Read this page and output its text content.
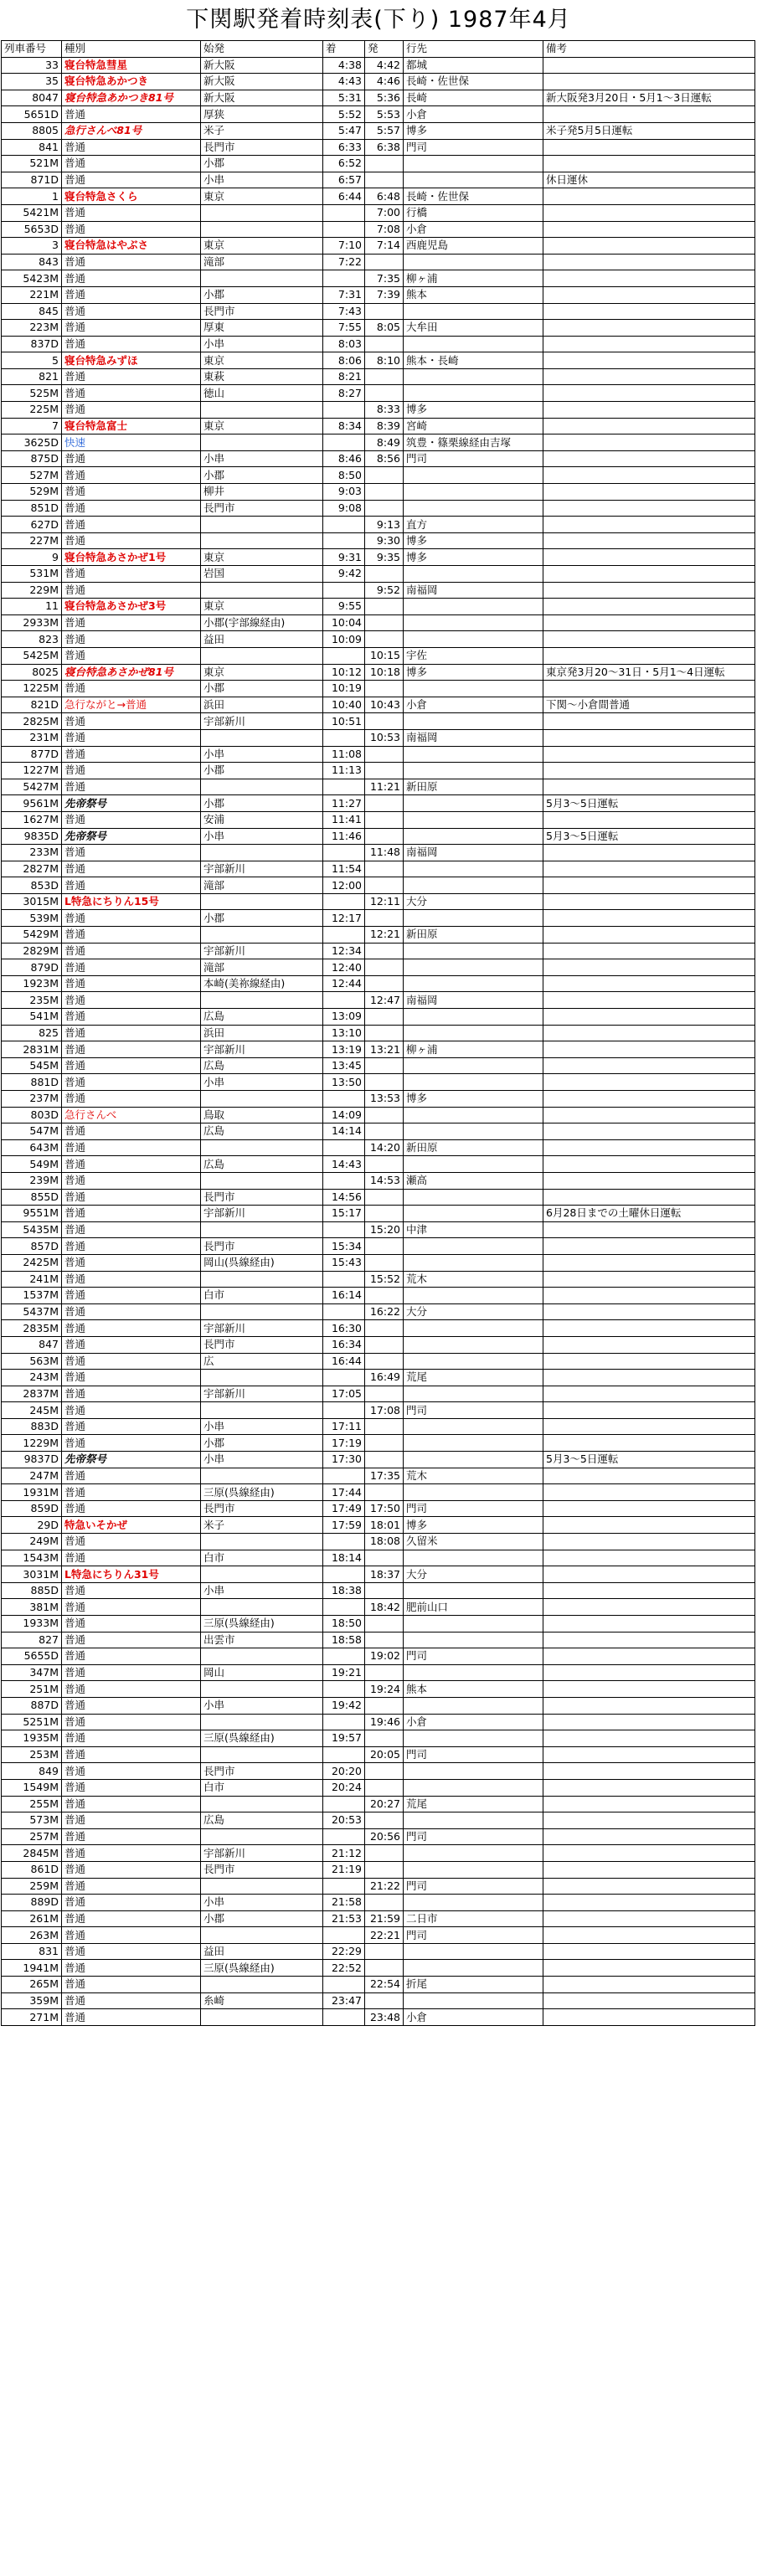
下関駅発着時刻表(下り) 1987年4月
列車番号	種別	始発	着	発	行先	備考
33	寝台特急彗星	新大阪	4:38	4:42	都城	
35	寝台特急あかつき	新大阪	4:43	4:46	長崎・佐世保	
8047	寝台特急あかつき81号	新大阪	5:31	5:36	長崎	新大阪発3月20日・5月1～3日運転
5651D	普通	厚狭	5:52	5:53	小倉	
8805	急行さんべ81号	米子	5:47	5:57	博多	米子発5月5日運転
841	普通	長門市	6:33	6:38	門司	
521M	普通	小郡	6:52			
871D	普通	小串	6:57			休日運休
1	寝台特急さくら	東京	6:44	6:48	長崎・佐世保	
5421M	普通			7:00	行橋	
5653D	普通			7:08	小倉	
3	寝台特急はやぶさ	東京	7:10	7:14	西鹿児島	
843	普通	滝部	7:22			
5423M	普通			7:35	柳ヶ浦	
221M	普通	小郡	7:31	7:39	熊本	
845	普通	長門市	7:43			
223M	普通	厚東	7:55	8:05	大牟田	
837D	普通	小串	8:03			
5	寝台特急みずほ	東京	8:06	8:10	熊本・長崎	
821	普通	東萩	8:21			
525M	普通	徳山	8:27			
225M	普通			8:33	博多	
7	寝台特急富士	東京	8:34	8:39	宮崎	
3625D	快速			8:49	筑豊・篠栗線経由吉塚	
875D	普通	小串	8:46	8:56	門司	
527M	普通	小郡	8:50			
529M	普通	柳井	9:03			
851D	普通	長門市	9:08			
627D	普通			9:13	直方	
227M	普通			9:30	博多	
9	寝台特急あさかぜ1号	東京	9:31	9:35	博多	
531M	普通	岩国	9:42			
229M	普通			9:52	南福岡	
11	寝台特急あさかぜ3号	東京	9:55			
2933M	普通	小郡(宇部線経由)	10:04			
823	普通	益田	10:09			
5425M	普通			10:15	宇佐	
8025	寝台特急あさかぜ81号	東京	10:12	10:18	博多	東京発3月20～31日・5月1～4日運転
1225M	普通	小郡	10:19			
821D	急行ながと→普通	浜田	10:40	10:43	小倉	下関～小倉間普通
2825M	普通	宇部新川	10:51			
231M	普通			10:53	南福岡	
877D	普通	小串	11:08			
1227M	普通	小郡	11:13			
5427M	普通			11:21	新田原	
9561M	先帝祭号	小郡	11:27			5月3～5日運転
1627M	普通	安浦	11:41			
9835D	先帝祭号	小串	11:46			5月3～5日運転
233M	普通			11:48	南福岡	
2827M	普通	宇部新川	11:54			
853D	普通	滝部	12:00			
3015M	L特急にちりん15号			12:11	大分	
539M	普通	小郡	12:17			
5429M	普通			12:21	新田原	
2829M	普通	宇部新川	12:34			
879D	普通	滝部	12:40			
1923M	普通	本崎(美祢線経由)	12:44			
235M	普通			12:47	南福岡	
541M	普通	広島	13:09			
825	普通	浜田	13:10			
2831M	普通	宇部新川	13:19	13:21	柳ヶ浦	
545M	普通	広島	13:45			
881D	普通	小串	13:50			
237M	普通			13:53	博多	
803D	急行さんべ	鳥取	14:09			
547M	普通	広島	14:14			
643M	普通			14:20	新田原	
549M	普通	広島	14:43			
239M	普通			14:53	瀬高	
855D	普通	長門市	14:56			
9551M	普通	宇部新川	15:17			6月28日までの土曜休日運転
5435M	普通			15:20	中津	
857D	普通	長門市	15:34			
2425M	普通	岡山(呉線経由)	15:43			
241M	普通			15:52	荒木	
1537M	普通	白市	16:14			
5437M	普通			16:22	大分	
2835M	普通	宇部新川	16:30			
847	普通	長門市	16:34			
563M	普通	広	16:44			
243M	普通			16:49	荒尾	
2837M	普通	宇部新川	17:05			
245M	普通			17:08	門司	
883D	普通	小串	17:11			
1229M	普通	小郡	17:19			
9837D	先帝祭号	小串	17:30			5月3～5日運転
247M	普通			17:35	荒木	
1931M	普通	三原(呉線経由)	17:44			
859D	普通	長門市	17:49	17:50	門司	
29D	特急いそかぜ	米子	17:59	18:01	博多	
249M	普通			18:08	久留米	
1543M	普通	白市	18:14			
3031M	L特急にちりん31号			18:37	大分	
885D	普通	小串	18:38			
381M	普通			18:42	肥前山口	
1933M	普通	三原(呉線経由)	18:50			
827	普通	出雲市	18:58			
5655D	普通			19:02	門司	
347M	普通	岡山	19:21			
251M	普通			19:24	熊本	
887D	普通	小串	19:42			
5251M	普通			19:46	小倉	
1935M	普通	三原(呉線経由)	19:57			
253M	普通			20:05	門司	
849	普通	長門市	20:20			
1549M	普通	白市	20:24			
255M	普通			20:27	荒尾	
573M	普通	広島	20:53			
257M	普通			20:56	門司	
2845M	普通	宇部新川	21:12			
861D	普通	長門市	21:19			
259M	普通			21:22	門司	
889D	普通	小串	21:58			
261M	普通	小郡	21:53	21:59	二日市	
263M	普通			22:21	門司	
831	普通	益田	22:29			
1941M	普通	三原(呉線経由)	22:52			
265M	普通			22:54	折尾	
359M	普通	糸崎	23:47			
271M	普通			23:48	小倉	
